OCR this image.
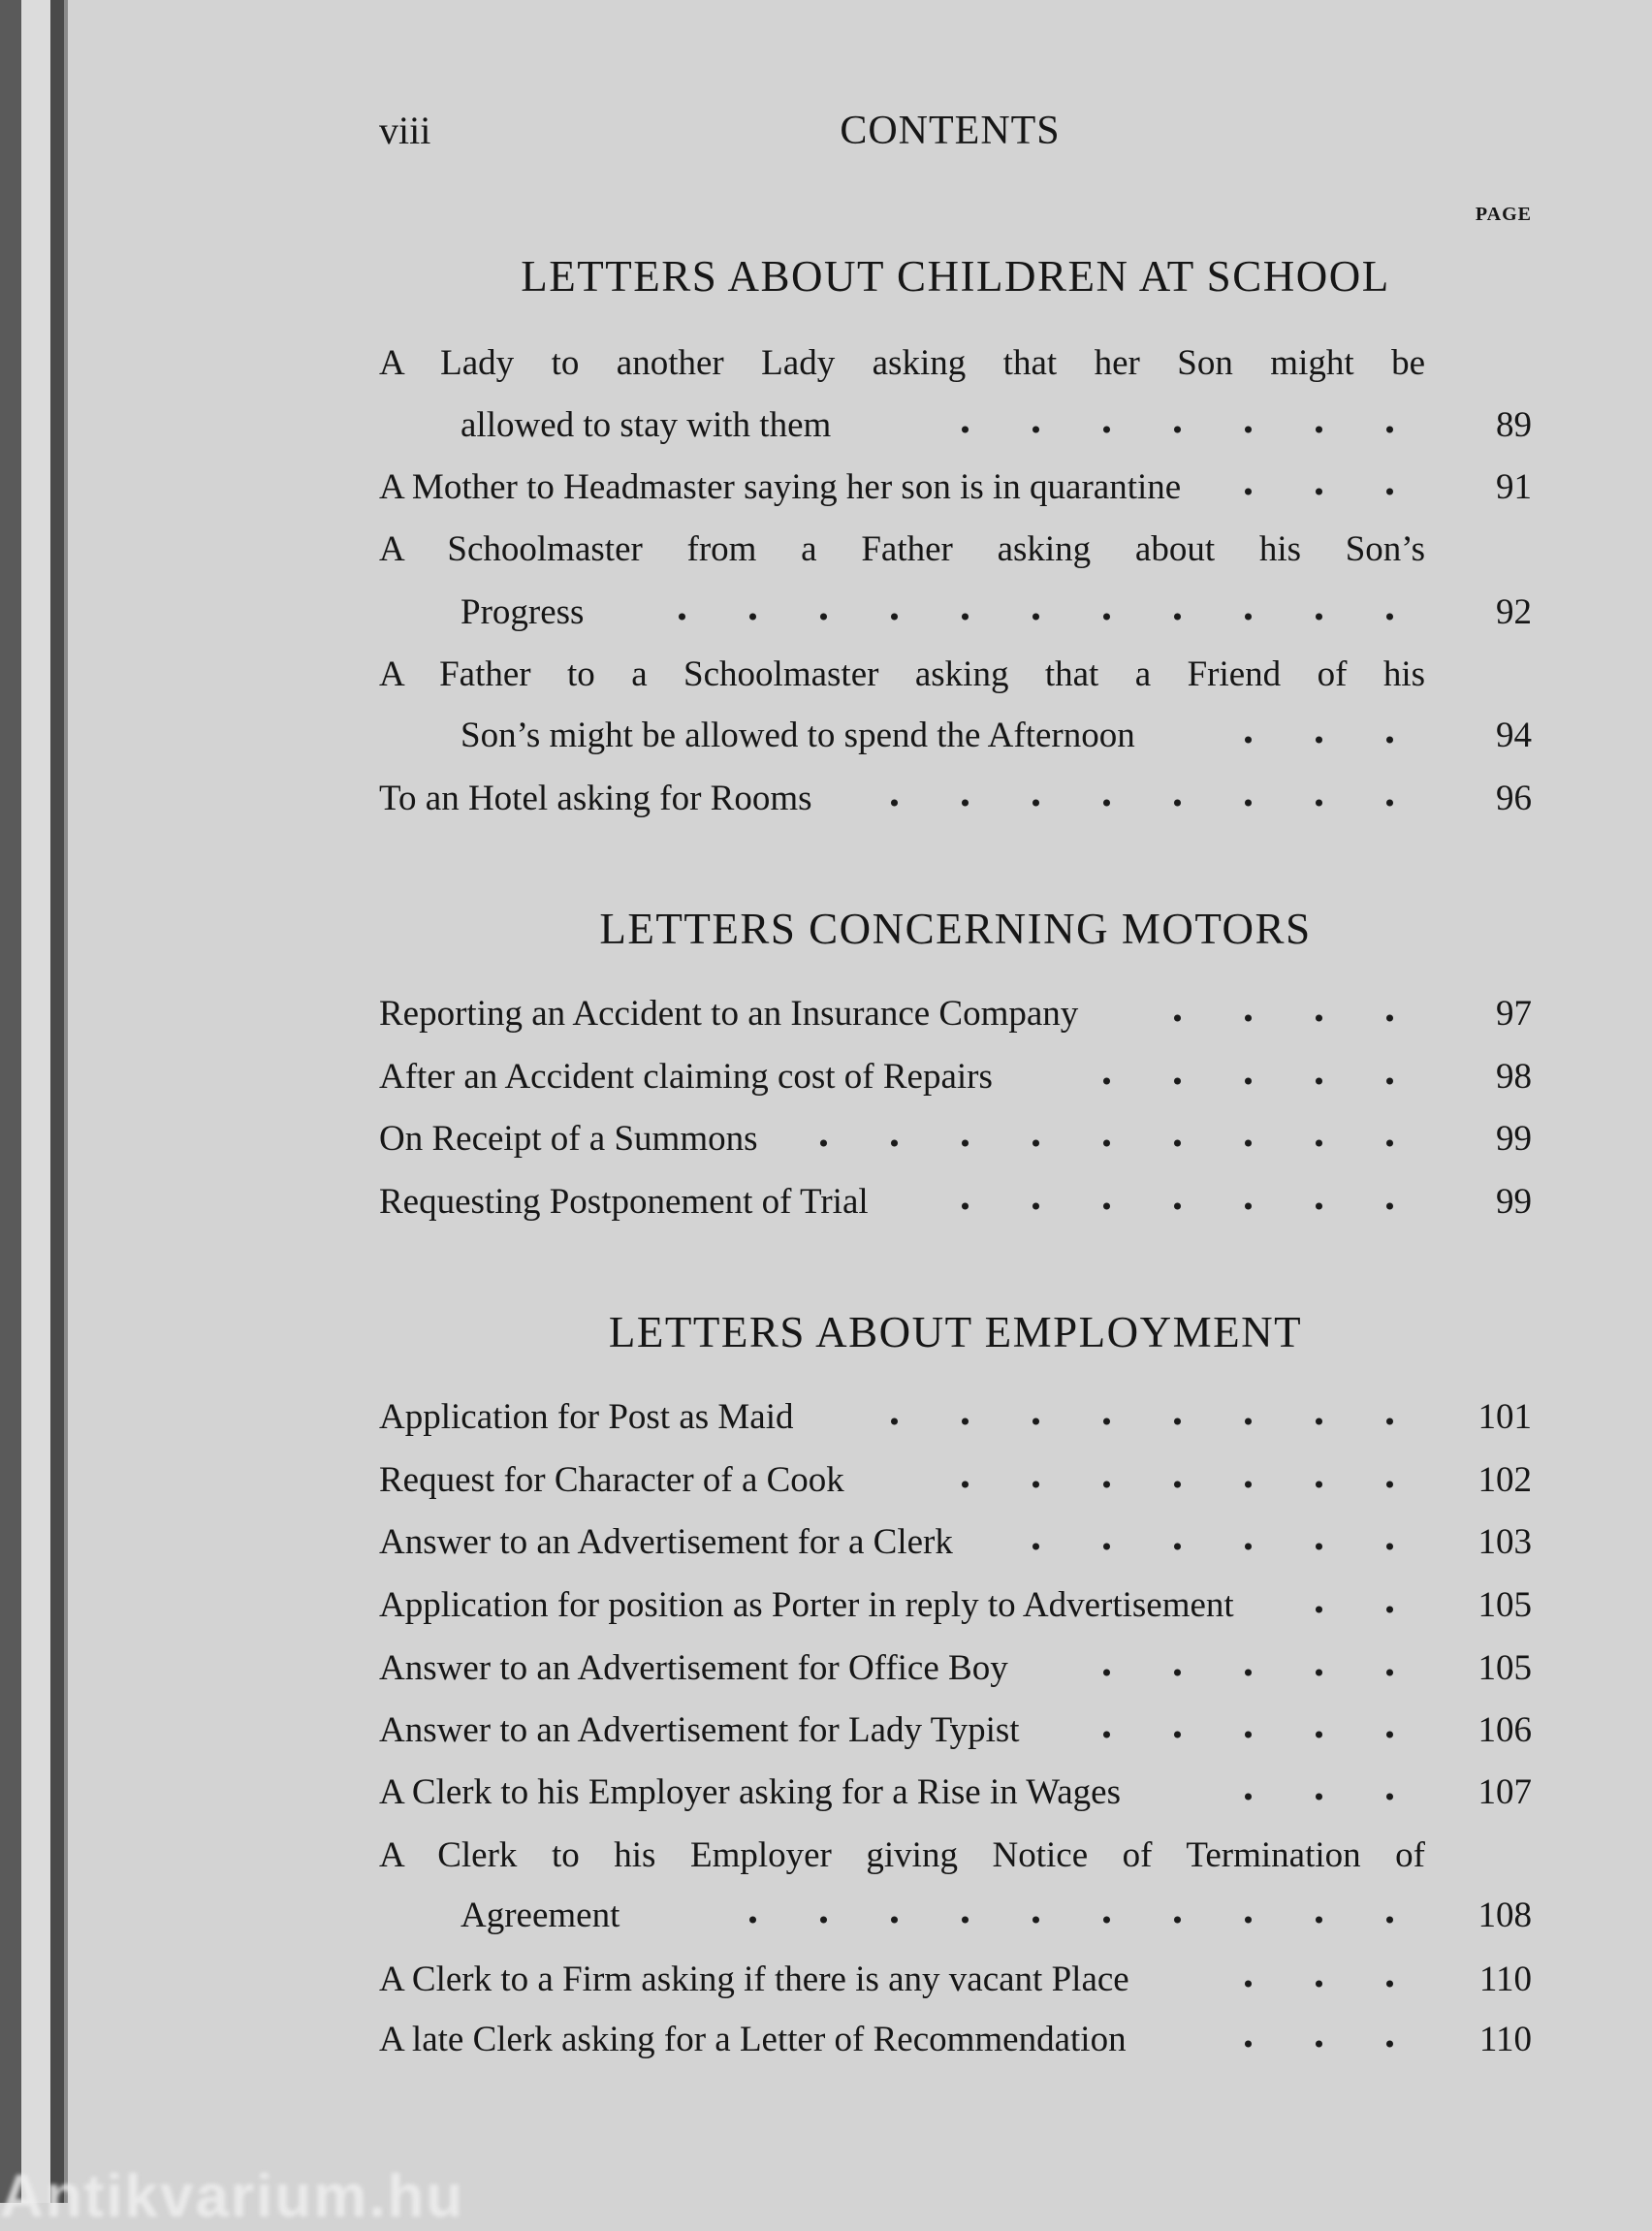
viii	CONTENTS
PAGE
LETTERS ABOUT CHILDREN AT SCHOOL
A Lady to another Lady asking that her Son might be
allowed to stay with them	89
A Mother to Headmaster saying her son is in quarantine	91
A Schoolmaster from a Father asking about his Son’s
Progress	92
A Father to a Schoolmaster asking that a Friend of his
Son’s might be allowed to spend the Afternoon	94
To an Hotel asking for Rooms	96
LETTERS CONCERNING MOTORS
Reporting an Accident to an Insurance Company	97
After an Accident claiming cost of Repairs	98
On Receipt of a Summons	99
Requesting Postponement of Trial	99
LETTERS ABOUT EMPLOYMENT
Application for Post as Maid	101
Request for Character of a Cook	102
Answer to an Advertisement for a Clerk	103
Application for position as Porter in reply to Advertisement	105
Answer to an Advertisement for Office Boy	105
Answer to an Advertisement for Lady Typist	106
A Clerk to his Employer asking for a Rise in Wages	107
A Clerk to his Employer giving Notice of Termination of
Agreement	108
A Clerk to a Firm asking if there is any vacant Place	110
A late Clerk asking for a Letter of Recommendation	110
Antikvarium.hu
